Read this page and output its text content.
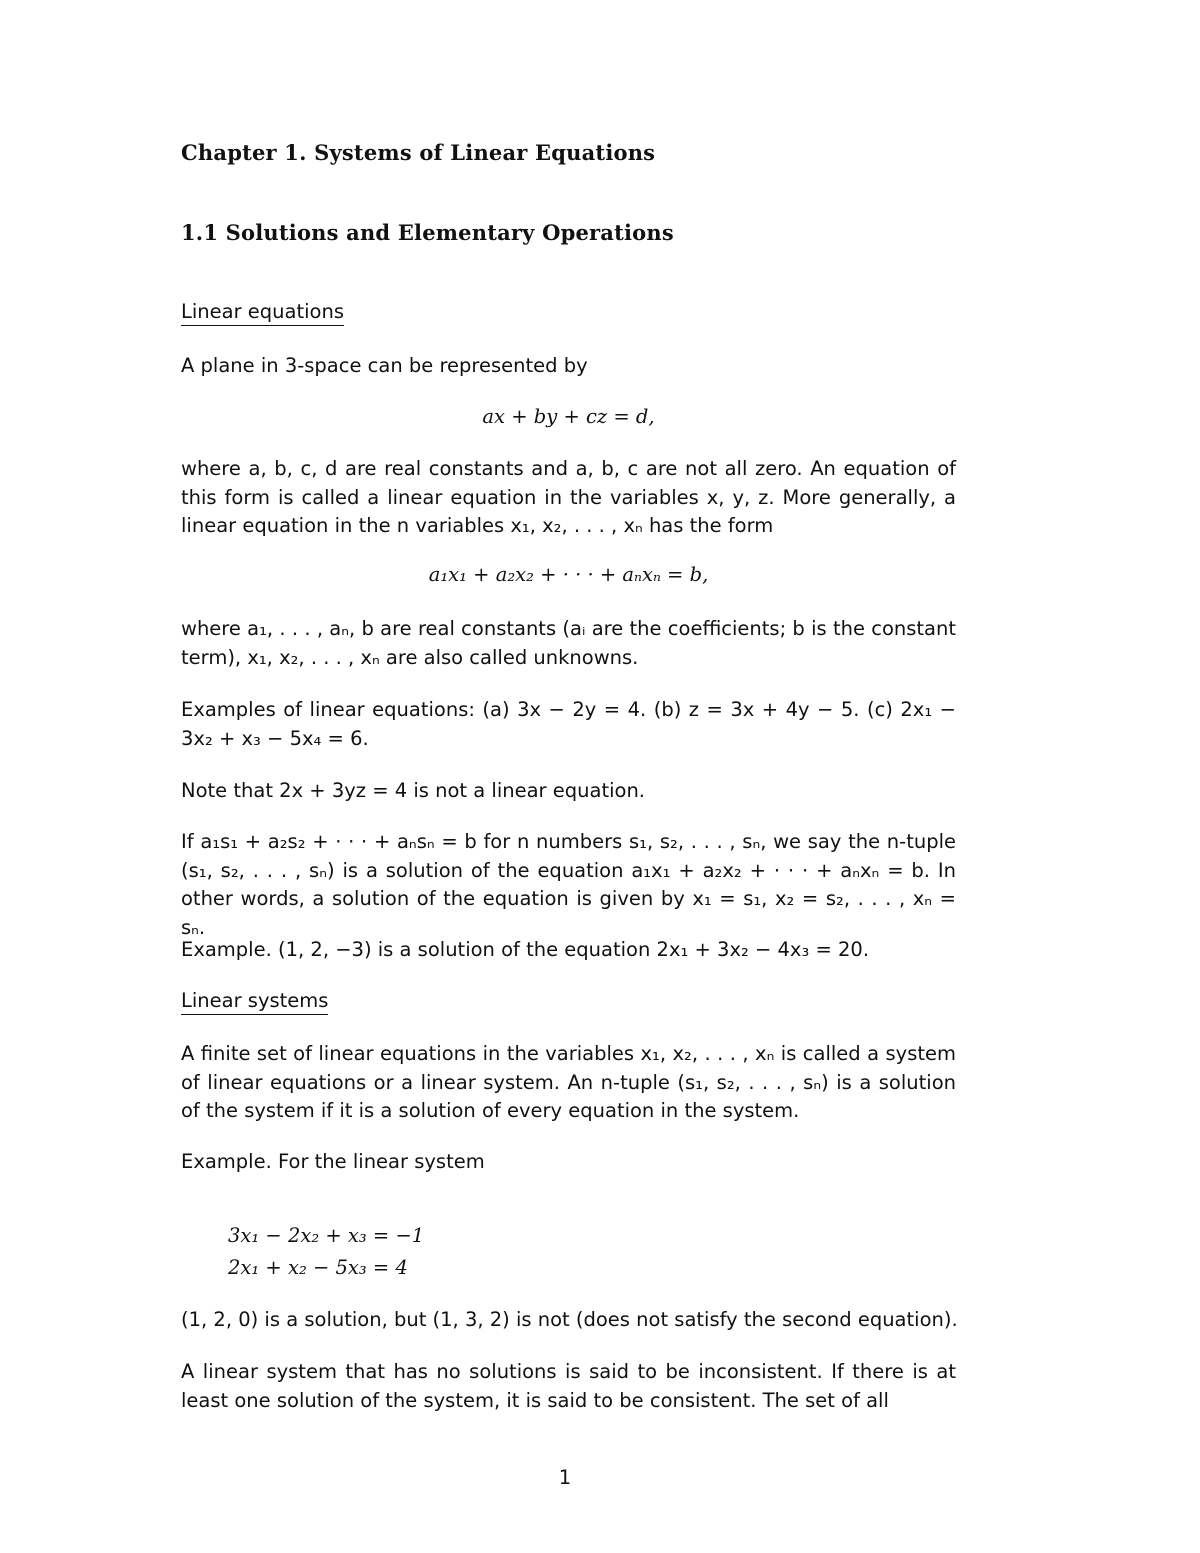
Chapter 1. Systems of Linear Equations
1.1 Solutions and Elementary Operations
Linear equations

A plane in 3-space can be represented by

ax + by + cz = d,

where a, b, c, d are real constants and a, b, c are not all zero. An equation of this form is called a linear equation in the variables x, y, z. More generally, a linear equation in the n variables x₁, x₂, . . . , xₙ has the form

a₁x₁ + a₂x₂ + · · · + aₙxₙ = b,

where a₁, . . . , aₙ, b are real constants (aᵢ are the coefficients; b is the constant term), x₁, x₂, . . . , xₙ are also called unknowns.

Examples of linear equations: (a) 3x − 2y = 4. (b) z = 3x + 4y − 5. (c) 2x₁ − 3x₂ + x₃ − 5x₄ = 6.

Note that 2x + 3yz = 4 is not a linear equation.

If a₁s₁ + a₂s₂ + · · · + aₙsₙ = b for n numbers s₁, s₂, . . . , sₙ, we say the n-tuple (s₁, s₂, . . . , sₙ) is a solution of the equation a₁x₁ + a₂x₂ + · · · + aₙxₙ = b. In other words, a solution of the equation is given by x₁ = s₁, x₂ = s₂, . . . , xₙ = sₙ.

Example. (1, 2, −3) is a solution of the equation 2x₁ + 3x₂ − 4x₃ = 20.

Linear systems

A finite set of linear equations in the variables x₁, x₂, . . . , xₙ is called a system of linear equations or a linear system. An n-tuple (s₁, s₂, . . . , sₙ) is a solution of the system if it is a solution of every equation in the system.

Example. For the linear system

3x₁ − 2x₂ + x₃ = −1
2x₁ + x₂ − 5x₃ = 4

(1, 2, 0) is a solution, but (1, 3, 2) is not (does not satisfy the second equation).

A linear system that has no solutions is said to be inconsistent. If there is at least one solution of the system, it is said to be consistent. The set of all

1
